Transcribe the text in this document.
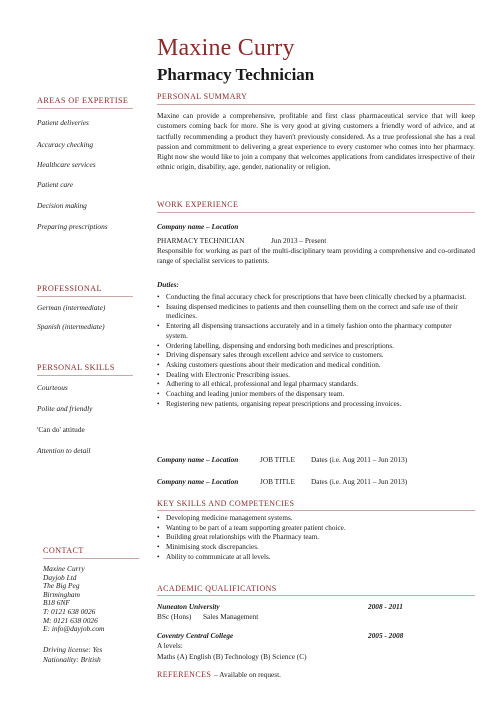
Maxine Curry
Pharmacy Technician
AREAS OF EXPERTISE
Patient deliveries
Accuracy checking
Healthcare services
Patient care
Decision making
Preparing prescriptions
PROFESSIONAL
German (intermediate)
Spanish (intermediate)
PERSONAL SKILLS
Courteous
Polite and friendly
'Can do' attitude
Attention to detail
CONTACT
Maxine Curry
Dayjob Ltd
The Big Peg
Birmingham
B18 6NF
T: 0121 638 0026
M: 0121 638 0026
E: info@dayjob.com
Driving license: Yes
Nationality: British
PERSONAL SUMMARY
Maxine can provide a comprehensive, profitable and first class pharmaceutical service that will keep customers coming back for more. She is very good at giving customers a friendly word of advice, and at tactfully recommending a product they haven't previously considered. As a true professional she has a real passion and commitment to delivering a great experience to every customer who comes into her pharmacy. Right now she would like to join a company that welcomes applications from candidates irrespective of their ethnic origin, disability, age, gender, nationality or religion.
WORK EXPERIENCE
Company name – Location
PHARMACY TECHNICIAN	Jun 2013 – Present
Responsible for working as part of the multi-disciplinary team providing a comprehensive and co-ordinated range of specialist services to patients.
Duties:
• Conducting the final accuracy check for prescriptions that have been clinically checked by a pharmacist.
• Issuing dispensed medicines to patients and then counselling them on the correct and safe use of their medicines.
• Entering all dispensing transactions accurately and in a timely fashion onto the pharmacy computer system.
• Ordering labelling, dispensing and endorsing both medicines and prescriptions.
• Driving dispensary sales through excellent advice and service to customers.
• Asking customers questions about their medication and medical condition.
• Dealing with Electronic Prescribing issues.
• Adhering to all ethical, professional and legal pharmacy standards.
• Coaching and leading junior members of the dispensary team.
• Registering new patients, organising repeat prescriptions and processing invoices.
Company name – Location	JOB TITLE Dates (i.e. Aug 2011 – Jun 2013)
Company name – Location	JOB TITLE Dates (i.e. Aug 2011 – Jun 2013)
KEY SKILLS AND COMPETENCIES
• Developing medicine management systems.
• Wanting to be part of a team supporting greater patient choice.
• Building great relationships with the Pharmacy team.
• Minimising stock discrepancies.
• Ability to communicate at all levels.
ACADEMIC QUALIFICATIONS
Nuneaton University	2008 - 2011
BSc (Hons) Sales Management
Coventry Central College	2005 - 2008
A levels:
Maths (A) English (B) Technology (B) Science (C)
REFERENCES – Available on request.
